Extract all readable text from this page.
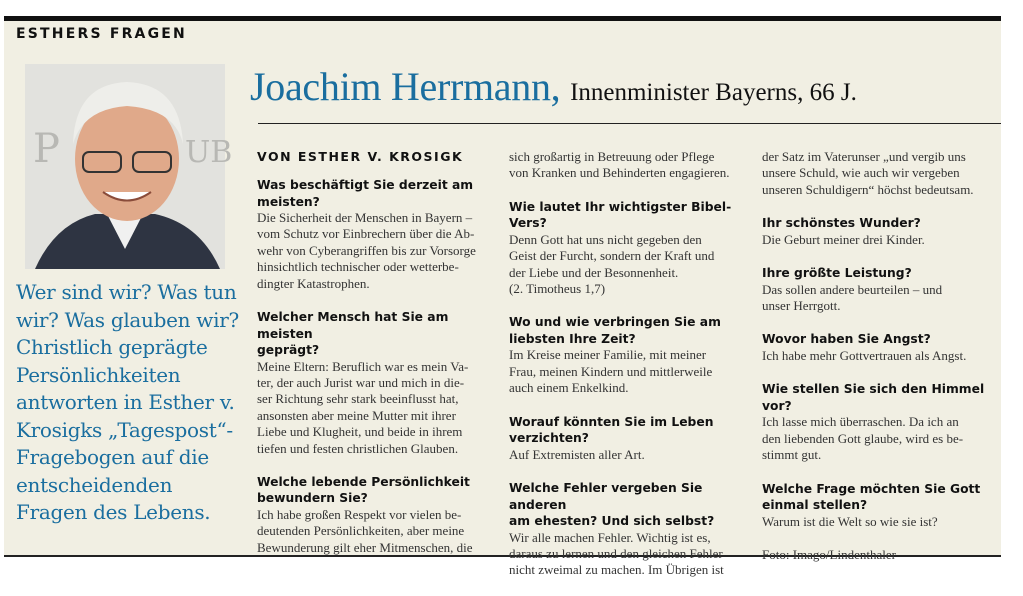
ESTHERS FRAGEN
P	UB
Wer sind wir? Was tun wir? Was glauben wir? Christlich geprägte Persönlichkeiten antworten in Esther v. Krosigks „Tagespost“-Fragebogen auf die entscheidenden Fragen des Lebens.
Joachim Herrmann, Innenminister Bayerns, 66 J.
VON ESTHER V. KROSIGK
Was beschäftigt Sie derzeit am
meisten?
Die Sicherheit der Menschen in Bayern –
vom Schutz vor Einbrechern über die Ab-
wehr von Cyberangriffen bis zur Vorsorge
hinsichtlich technischer oder wetterbe-
dingter Katastrophen.
Welcher Mensch hat Sie am meisten
geprägt?
Meine Eltern: Beruflich war es mein Va-
ter, der auch Jurist war und mich in die-
ser Richtung sehr stark beeinflusst hat,
ansonsten aber meine Mutter mit ihrer
Liebe und Klugheit, und beide in ihrem
tiefen und festen christlichen Glauben.
Welche lebende Persönlichkeit
bewundern Sie?
Ich habe großen Respekt vor vielen be-
deutenden Persönlichkeiten, aber meine
Bewunderung gilt eher Mitmenschen, die
sich großartig in Betreuung oder Pflege
von Kranken und Behinderten engagieren.
Wie lautet Ihr wichtigster Bibel-Vers?
Denn Gott hat uns nicht gegeben den
Geist der Furcht, sondern der Kraft und
der Liebe und der Besonnenheit.
(2. Timotheus 1,7)
Wo und wie verbringen Sie am
liebsten Ihre Zeit?
Im Kreise meiner Familie, mit meiner
Frau, meinen Kindern und mittlerweile
auch einem Enkelkind.
Worauf könnten Sie im Leben
verzichten?
Auf Extremisten aller Art.
Welche Fehler vergeben Sie anderen
am ehesten? Und sich selbst?
Wir alle machen Fehler. Wichtig ist es,
daraus zu lernen und den gleichen Fehler
nicht zweimal zu machen. Im Übrigen ist
der Satz im Vaterunser „und vergib uns
unsere Schuld, wie auch wir vergeben
unseren Schuldigern“ höchst bedeutsam.
Ihr schönstes Wunder?
Die Geburt meiner drei Kinder.
Ihre größte Leistung?
Das sollen andere beurteilen – und
unser Herrgott.
Wovor haben Sie Angst?
Ich habe mehr Gottvertrauen als Angst.
Wie stellen Sie sich den Himmel
vor?
Ich lasse mich überraschen. Da ich an
den liebenden Gott glaube, wird es be-
stimmt gut.
Welche Frage möchten Sie Gott
einmal stellen?
Warum ist die Welt so wie sie ist?
Foto: Imago/Lindenthaler
